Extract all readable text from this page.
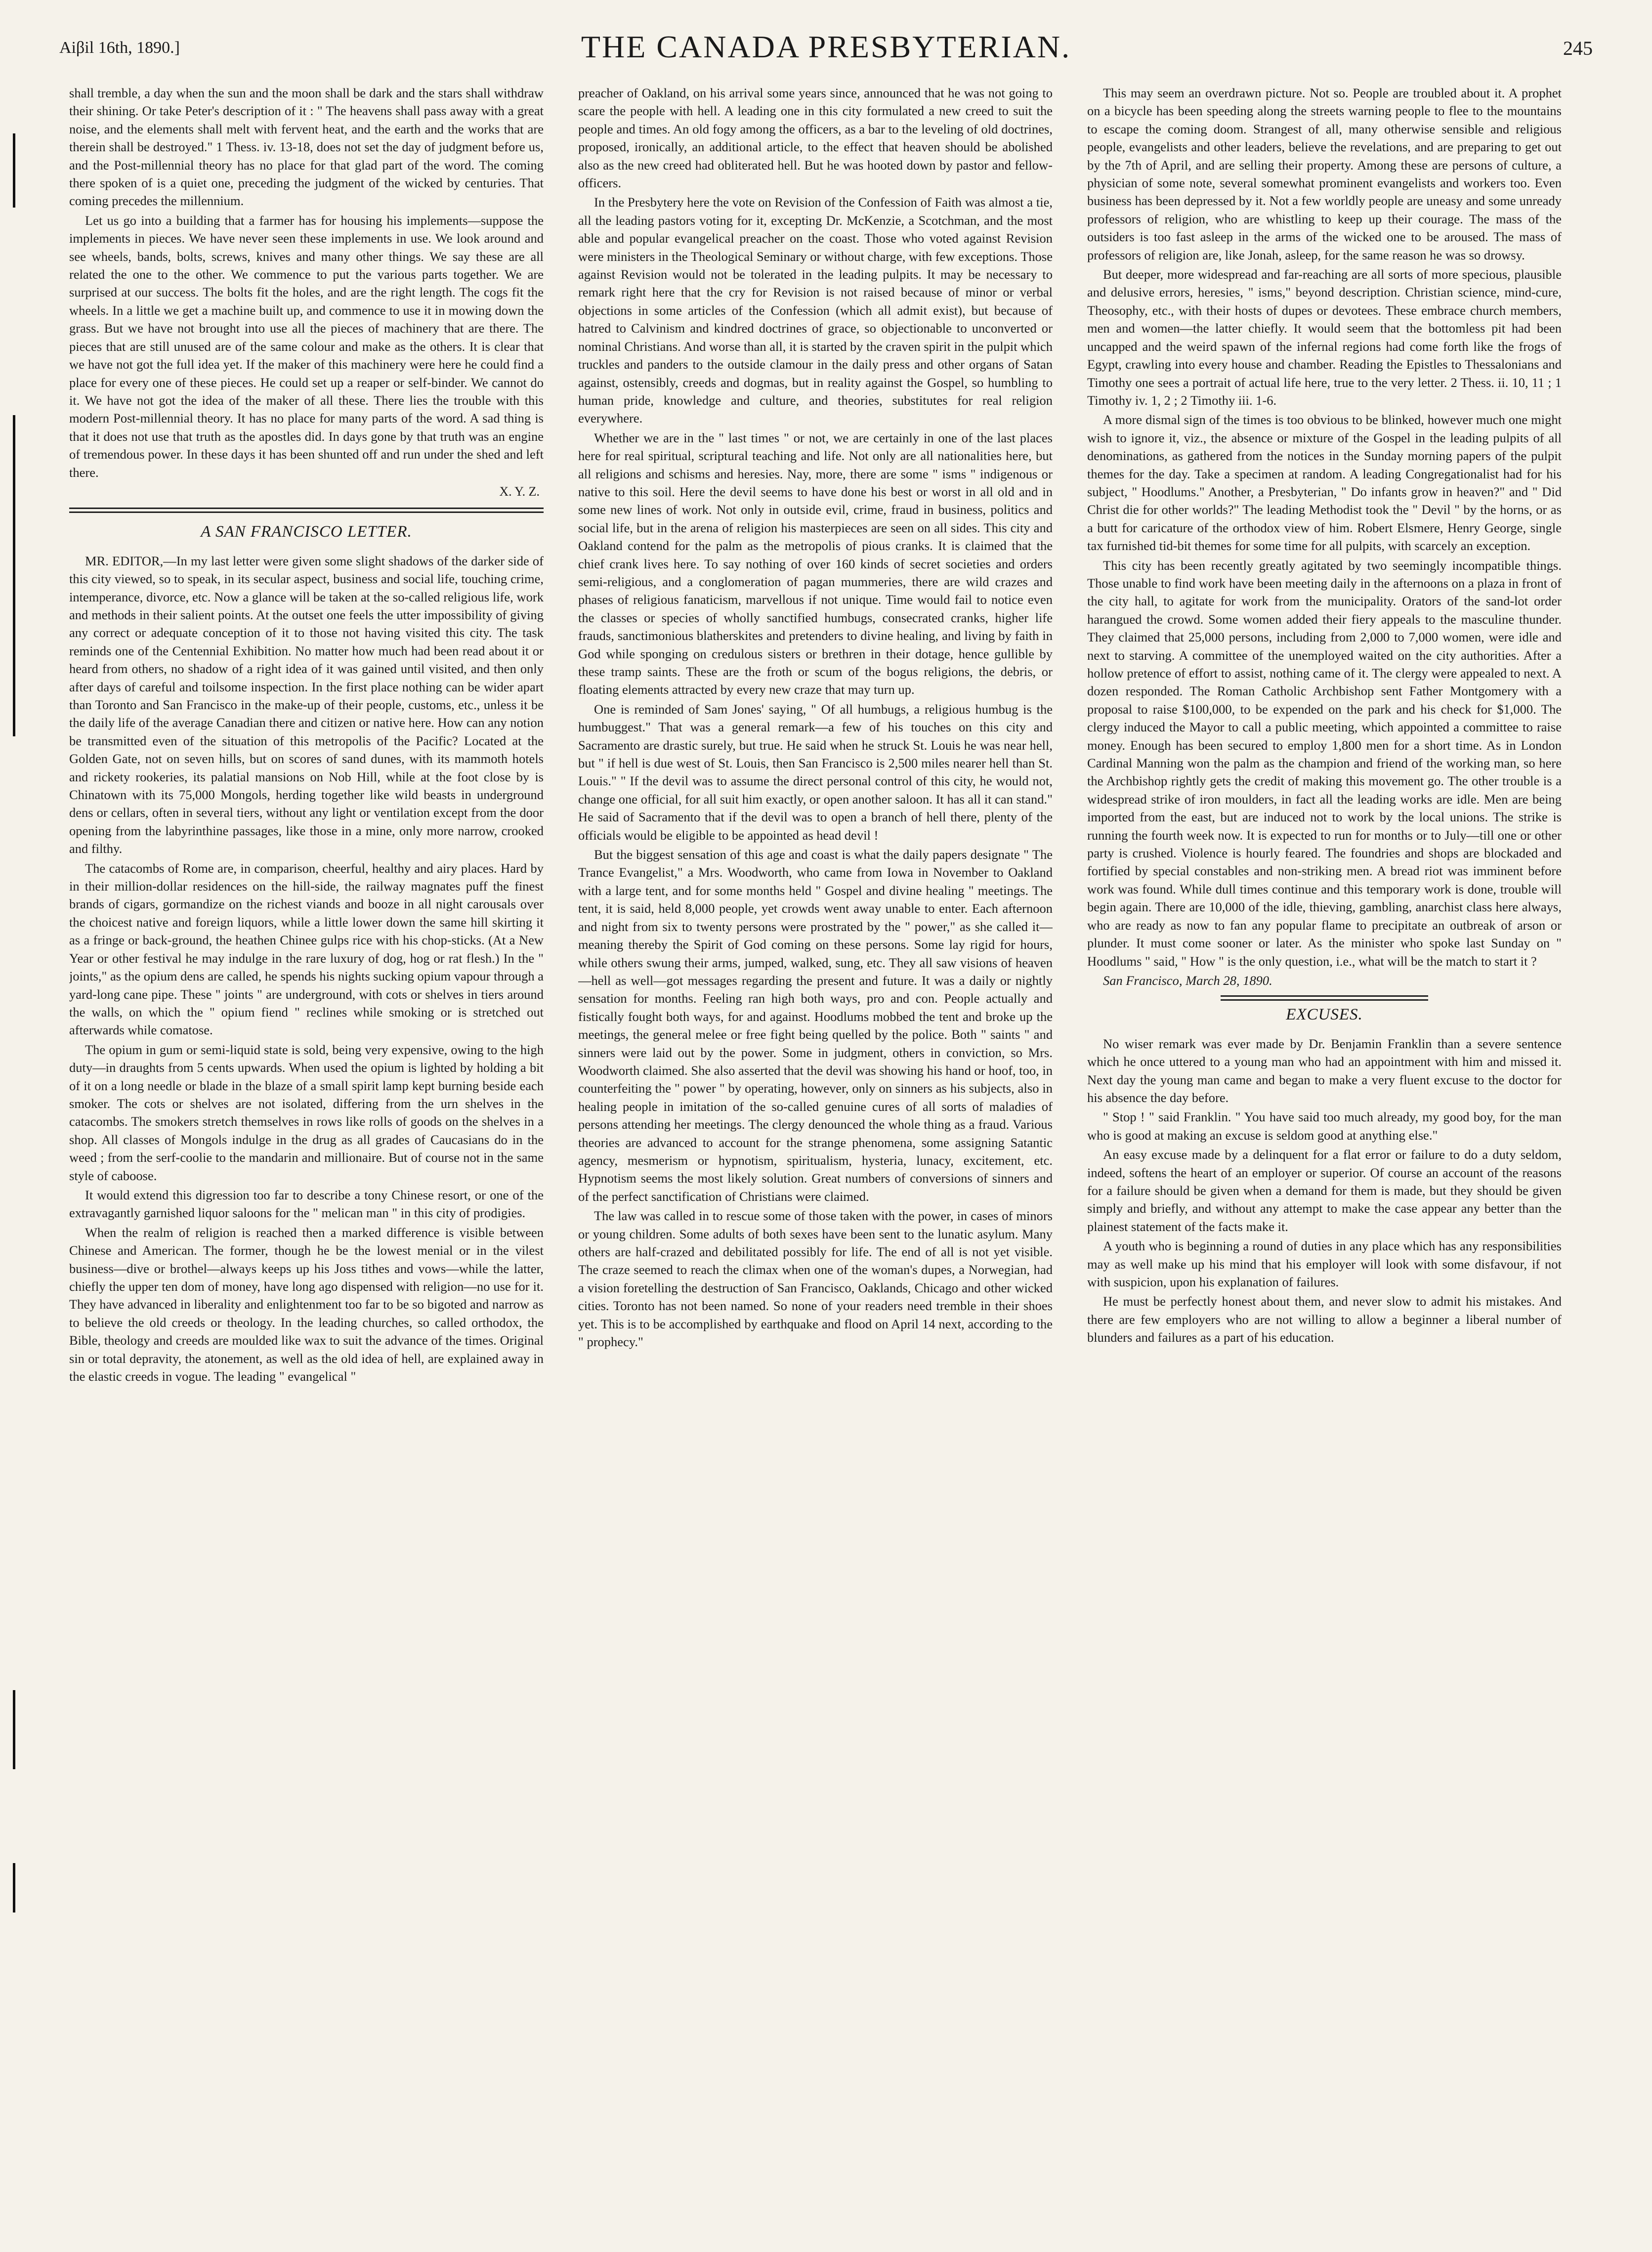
Aiβil 16th, 1890.]	THE CANADA PRESBYTERIAN.	245

shall tremble, a day when the sun and the moon shall be dark and the stars shall withdraw their shining. Or take Peter's description of it : " The heavens shall pass away with a great noise, and the elements shall melt with fervent heat, and the earth and the works that are therein shall be destroyed." 1 Thess. iv. 13-18, does not set the day of judgment before us, and the Post-millennial theory has no place for that glad part of the word. The coming there spoken of is a quiet one, preceding the judgment of the wicked by centuries. That coming precedes the millennium.

Let us go into a building that a farmer has for housing his implements—suppose the implements in pieces. We have never seen these implements in use. We look around and see wheels, bands, bolts, screws, knives and many other things. We say these are all related the one to the other. We commence to put the various parts together. We are surprised at our success. The bolts fit the holes, and are the right length. The cogs fit the wheels. In a little we get a machine built up, and commence to use it in mowing down the grass. But we have not brought into use all the pieces of machinery that are there. The pieces that are still unused are of the same colour and make as the others. It is clear that we have not got the full idea yet. If the maker of this machinery were here he could find a place for every one of these pieces. He could set up a reaper or self-binder. We cannot do it. We have not got the idea of the maker of all these. There lies the trouble with this modern Post-millennial theory. It has no place for many parts of the word. A sad thing is that it does not use that truth as the apostles did. In days gone by that truth was an engine of tremendous power. In these days it has been shunted off and run under the shed and left there.

X. Y. Z.
A SAN FRANCISCO LETTER.

MR. EDITOR,—In my last letter were given some slight shadows of the darker side of this city viewed, so to speak, in its secular aspect, business and social life, touching crime, intemperance, divorce, etc. Now a glance will be taken at the so-called religious life, work and methods in their salient points. At the outset one feels the utter impossibility of giving any correct or adequate conception of it to those not having visited this city. The task reminds one of the Centennial Exhibition. No matter how much had been read about it or heard from others, no shadow of a right idea of it was gained until visited, and then only after days of careful and toilsome inspection. In the first place nothing can be wider apart than Toronto and San Francisco in the make-up of their people, customs, etc., unless it be the daily life of the average Canadian there and citizen or native here. How can any notion be transmitted even of the situation of this metropolis of the Pacific? Located at the Golden Gate, not on seven hills, but on scores of sand dunes, with its mammoth hotels and rickety rookeries, its palatial mansions on Nob Hill, while at the foot close by is Chinatown with its 75,000 Mongols, herding together like wild beasts in underground dens or cellars, often in several tiers, without any light or ventilation except from the door opening from the labyrinthine passages, like those in a mine, only more narrow, crooked and filthy.

The catacombs of Rome are, in comparison, cheerful, healthy and airy places. Hard by in their million-dollar residences on the hill-side, the railway magnates puff the finest brands of cigars, gormandize on the richest viands and booze in all night carousals over the choicest native and foreign liquors, while a little lower down the same hill skirting it as a fringe or back-ground, the heathen Chinee gulps rice with his chop-sticks. (At a New Year or other festival he may indulge in the rare luxury of dog, hog or rat flesh.) In the " joints," as the opium dens are called, he spends his nights sucking opium vapour through a yard-long cane pipe. These " joints " are underground, with cots or shelves in tiers around the walls, on which the " opium fiend " reclines while smoking or is stretched out afterwards while comatose.

The opium in gum or semi-liquid state is sold, being very expensive, owing to the high duty—in draughts from 5 cents upwards. When used the opium is lighted by holding a bit of it on a long needle or blade in the blaze of a small spirit lamp kept burning beside each smoker. The cots or shelves are not isolated, differing from the urn shelves in the catacombs. The smokers stretch themselves in rows like rolls of goods on the shelves in a shop. All classes of Mongols indulge in the drug as all grades of Caucasians do in the weed ; from the serf-coolie to the mandarin and millionaire. But of course not in the same style of caboose.

It would extend this digression too far to describe a tony Chinese resort, or one of the extravagantly garnished liquor saloons for the " melican man " in this city of prodigies.

When the realm of religion is reached then a marked difference is visible between Chinese and American. The former, though he be the lowest menial or in the vilest business—dive or brothel—always keeps up his Joss tithes and vows—while the latter, chiefly the upper ten dom of money, have long ago dispensed with religion—no use for it. They have advanced in liberality and enlightenment too far to be so bigoted and narrow as to believe the old creeds or theology. In the leading churches, so called orthodox, the Bible, theology and creeds are moulded like wax to suit the advance of the times. Original sin or total depravity, the atonement, as well as the old idea of hell, are explained away in the elastic creeds in vogue. The leading " evangelical "

preacher of Oakland, on his arrival some years since, announced that he was not going to scare the people with hell. A leading one in this city formulated a new creed to suit the people and times. An old fogy among the officers, as a bar to the leveling of old doctrines, proposed, ironically, an additional article, to the effect that heaven should be abolished also as the new creed had obliterated hell. But he was hooted down by pastor and fellow-officers.

In the Presbytery here the vote on Revision of the Confession of Faith was almost a tie, all the leading pastors voting for it, excepting Dr. McKenzie, a Scotchman, and the most able and popular evangelical preacher on the coast. Those who voted against Revision were ministers in the Theological Seminary or without charge, with few exceptions. Those against Revision would not be tolerated in the leading pulpits. It may be necessary to remark right here that the cry for Revision is not raised because of minor or verbal objections in some articles of the Confession (which all admit exist), but because of hatred to Calvinism and kindred doctrines of grace, so objectionable to unconverted or nominal Christians. And worse than all, it is started by the craven spirit in the pulpit which truckles and panders to the outside clamour in the daily press and other organs of Satan against, ostensibly, creeds and dogmas, but in reality against the Gospel, so humbling to human pride, knowledge and culture, and theories, substitutes for real religion everywhere.

Whether we are in the " last times " or not, we are certainly in one of the last places here for real spiritual, scriptural teaching and life. Not only are all nationalities here, but all religions and schisms and heresies. Nay, more, there are some " isms " indigenous or native to this soil. Here the devil seems to have done his best or worst in all old and in some new lines of work. Not only in outside evil, crime, fraud in business, politics and social life, but in the arena of religion his masterpieces are seen on all sides. This city and Oakland contend for the palm as the metropolis of pious cranks. It is claimed that the chief crank lives here. To say nothing of over 160 kinds of secret societies and orders semi-religious, and a conglomeration of pagan mummeries, there are wild crazes and phases of religious fanaticism, marvellous if not unique. Time would fail to notice even the classes or species of wholly sanctified humbugs, consecrated cranks, higher life frauds, sanctimonious blatherskites and pretenders to divine healing, and living by faith in God while sponging on credulous sisters or brethren in their dotage, hence gullible by these tramp saints. These are the froth or scum of the bogus religions, the debris, or floating elements attracted by every new craze that may turn up.

One is reminded of Sam Jones' saying, " Of all humbugs, a religious humbug is the humbuggest." That was a general remark—a few of his touches on this city and Sacramento are drastic surely, but true. He said when he struck St. Louis he was near hell, but " if hell is due west of St. Louis, then San Francisco is 2,500 miles nearer hell than St. Louis." " If the devil was to assume the direct personal control of this city, he would not, change one official, for all suit him exactly, or open another saloon. It has all it can stand." He said of Sacramento that if the devil was to open a branch of hell there, plenty of the officials would be eligible to be appointed as head devil !

But the biggest sensation of this age and coast is what the daily papers designate " The Trance Evangelist," a Mrs. Woodworth, who came from Iowa in November to Oakland with a large tent, and for some months held " Gospel and divine healing " meetings. The tent, it is said, held 8,000 people, yet crowds went away unable to enter. Each afternoon and night from six to twenty persons were prostrated by the " power," as she called it—meaning thereby the Spirit of God coming on these persons. Some lay rigid for hours, while others swung their arms, jumped, walked, sung, etc. They all saw visions of heaven—hell as well—got messages regarding the present and future. It was a daily or nightly sensation for months. Feeling ran high both ways, pro and con. People actually and fistically fought both ways, for and against. Hoodlums mobbed the tent and broke up the meetings, the general melee or free fight being quelled by the police. Both " saints " and sinners were laid out by the power. Some in judgment, others in conviction, so Mrs. Woodworth claimed. She also asserted that the devil was showing his hand or hoof, too, in counterfeiting the " power " by operating, however, only on sinners as his subjects, also in healing people in imitation of the so-called genuine cures of all sorts of maladies of persons attending her meetings. The clergy denounced the whole thing as a fraud. Various theories are advanced to account for the strange phenomena, some assigning Satantic agency, mesmerism or hypnotism, spiritualism, hysteria, lunacy, excitement, etc. Hypnotism seems the most likely solution. Great numbers of conversions of sinners and of the perfect sanctification of Christians were claimed.

The law was called in to rescue some of those taken with the power, in cases of minors or young children. Some adults of both sexes have been sent to the lunatic asylum. Many others are half-crazed and debilitated possibly for life. The end of all is not yet visible. The craze seemed to reach the climax when one of the woman's dupes, a Norwegian, had a vision foretelling the destruction of San Francisco, Oaklands, Chicago and other wicked cities. Toronto has not been named. So none of your readers need tremble in their shoes yet. This is to be accomplished by earthquake and flood on April 14 next, according to the " prophecy."

This may seem an overdrawn picture. Not so. People are troubled about it. A prophet on a bicycle has been speeding along the streets warning people to flee to the mountains to escape the coming doom. Strangest of all, many otherwise sensible and religious people, evangelists and other leaders, believe the revelations, and are preparing to get out by the 7th of April, and are selling their property. Among these are persons of culture, a physician of some note, several somewhat prominent evangelists and workers too. Even business has been depressed by it. Not a few worldly people are uneasy and some unready professors of religion, who are whistling to keep up their courage. The mass of the outsiders is too fast asleep in the arms of the wicked one to be aroused. The mass of professors of religion are, like Jonah, asleep, for the same reason he was so drowsy.

But deeper, more widespread and far-reaching are all sorts of more specious, plausible and delusive errors, heresies, " isms," beyond description. Christian science, mind-cure, Theosophy, etc., with their hosts of dupes or devotees. These embrace church members, men and women—the latter chiefly. It would seem that the bottomless pit had been uncapped and the weird spawn of the infernal regions had come forth like the frogs of Egypt, crawling into every house and chamber. Reading the Epistles to Thessalonians and Timothy one sees a portrait of actual life here, true to the very letter. 2 Thess. ii. 10, 11 ; 1 Timothy iv. 1, 2 ; 2 Timothy iii. 1-6.

A more dismal sign of the times is too obvious to be blinked, however much one might wish to ignore it, viz., the absence or mixture of the Gospel in the leading pulpits of all denominations, as gathered from the notices in the Sunday morning papers of the pulpit themes for the day. Take a specimen at random. A leading Congregationalist had for his subject, " Hoodlums." Another, a Presbyterian, " Do infants grow in heaven?" and " Did Christ die for other worlds?" The leading Methodist took the " Devil " by the horns, or as a butt for caricature of the orthodox view of him. Robert Elsmere, Henry George, single tax furnished tid-bit themes for some time for all pulpits, with scarcely an exception.

This city has been recently greatly agitated by two seemingly incompatible things. Those unable to find work have been meeting daily in the afternoons on a plaza in front of the city hall, to agitate for work from the municipality. Orators of the sand-lot order harangued the crowd. Some women added their fiery appeals to the masculine thunder. They claimed that 25,000 persons, including from 2,000 to 7,000 women, were idle and next to starving. A committee of the unemployed waited on the city authorities. After a hollow pretence of effort to assist, nothing came of it. The clergy were appealed to next. A dozen responded. The Roman Catholic Archbishop sent Father Montgomery with a proposal to raise $100,000, to be expended on the park and his check for $1,000. The clergy induced the Mayor to call a public meeting, which appointed a committee to raise money. Enough has been secured to employ 1,800 men for a short time. As in London Cardinal Manning won the palm as the champion and friend of the working man, so here the Archbishop rightly gets the credit of making this movement go. The other trouble is a widespread strike of iron moulders, in fact all the leading works are idle. Men are being imported from the east, but are induced not to work by the local unions. The strike is running the fourth week now. It is expected to run for months or to July—till one or other party is crushed. Violence is hourly feared. The foundries and shops are blockaded and fortified by special constables and non-striking men. A bread riot was imminent before work was found. While dull times continue and this temporary work is done, trouble will begin again. There are 10,000 of the idle, thieving, gambling, anarchist class here always, who are ready as now to fan any popular flame to precipitate an outbreak of arson or plunder. It must come sooner or later. As the minister who spoke last Sunday on " Hoodlums " said, " How " is the only question, i.e., what will be the match to start it ?

San Francisco, March 28, 1890.

EXCUSES.

No wiser remark was ever made by Dr. Benjamin Franklin than a severe sentence which he once uttered to a young man who had an appointment with him and missed it. Next day the young man came and began to make a very fluent excuse to the doctor for his absence the day before.

" Stop ! " said Franklin. " You have said too much already, my good boy, for the man who is good at making an excuse is seldom good at anything else."

An easy excuse made by a delinquent for a flat error or failure to do a duty seldom, indeed, softens the heart of an employer or superior. Of course an account of the reasons for a failure should be given when a demand for them is made, but they should be given simply and briefly, and without any attempt to make the case appear any better than the plainest statement of the facts make it.

A youth who is beginning a round of duties in any place which has any responsibilities may as well make up his mind that his employer will look with some disfavour, if not with suspicion, upon his explanation of failures.

He must be perfectly honest about them, and never slow to admit his mistakes. And there are few employers who are not willing to allow a beginner a liberal number of blunders and failures as a part of his education.
